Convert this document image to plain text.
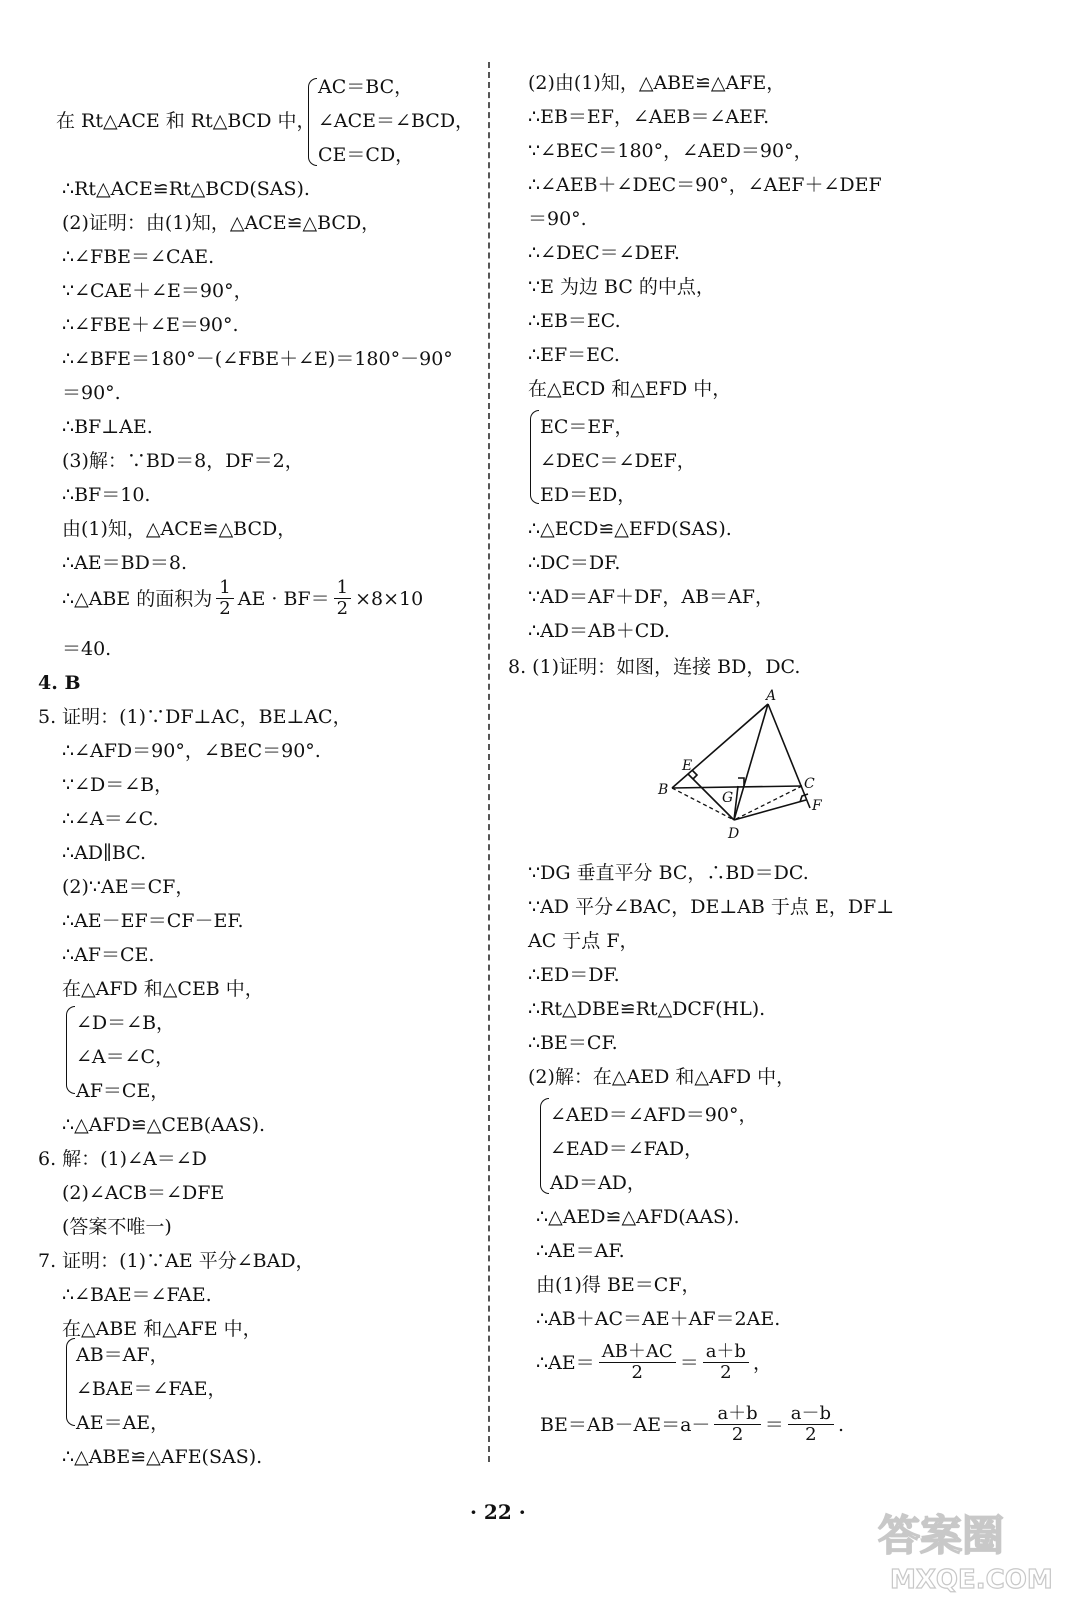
AC＝BC，
在 Rt△ACE 和 Rt△BCD 中， ∠ACE＝∠BCD，
CE＝CD，
∴Rt△ACE≌Rt△BCD(SAS).
(2)证明：由(1)知，△ACE≌△BCD，
∴∠FBE＝∠CAE.
∵∠CAE＋∠E＝90°，
∴∠FBE＋∠E＝90°.
∴∠BFE＝180°－(∠FBE＋∠E)＝180°－90°
＝90°.
∴BF⊥AE.
(3)解：∵BD＝8，DF＝2，
∴BF＝10.
由(1)知，△ACE≌△BCD，
∴AE＝BD＝8.
∴△ABE 的面积为 $\frac{1}{2}$ AE · $BF= \frac{1}{2} \times 8\times 10$
＝40.
4. B
5. 证明：(1)∵DF⊥AC，BE⊥AC，
∴∠AFD＝90°，∠BEC＝90°.
∵∠D＝∠B，
∴∠A＝∠C.
∴AD∥BC.
(2)∵AE＝CF，
∴AE－EF＝CF－EF.
∴AF＝CE.
在△AFD 和△CEB 中，
∠D＝∠B，
∠A＝∠C，
AF＝CE，
∴△AFD≌△CEB(AAS).
6. 解：(1)∠A＝∠D
(2)∠ACB＝∠DFE
(答案不唯一)
7. 证明：(1)∵AE 平分∠BAD，
∴∠BAE＝∠FAE.
在△ABE 和△AFE 中，
AB＝AF，
∠BAE＝∠FAE，
AE＝AE，
∴△ABE≌△AFE(SAS).
(2)由(1)知，△ABE≌△AFE，
∴EB＝EF，∠AEB＝∠AEF.
∵∠BEC＝180°，∠AED＝90°，
∴∠AEB＋∠DEC＝90°，∠AEF＋∠DEF
＝90°.
∴∠DEC＝∠DEF.
∵E 为边 BC 的中点，
∴EB＝EC.
∴EF＝EC.
在△ECD 和△EFD 中，
EC＝EF，
∠DEC＝∠DEF，
ED＝ED，
∴△ECD≌△EFD(SAS).
∴DC＝DF.
∵AD＝AF＋DF，AB＝AF，
∴AD＝AB＋CD.
8. (1)证明：如图，连接 BD，DC.
A
B	C
D
E
F
G
∵DG 垂直平分 BC，∴BD＝DC.
∵AD 平分∠BAC，DE⊥AB 于点 E，DF⊥
AC 于点 F，
∴ED＝DF.
∴Rt△DBE≌Rt△DCF(HL).
∴BE＝CF.
(2)解：在△AED 和△AFD 中，
∠AED＝∠AFD＝90°，
∠EAD＝∠FAD，
AD＝AD，
∴△AED≌△AFD(AAS).
∴AE＝AF.
由(1)得 BE＝CF，
∴AB＋AC＝AE＋AF＝2AE.
∴AE＝ $\frac{AB+AC}{2} = \frac{a+b}{2}$ ，
$BE=AB-AE=a- \frac{a+b}{2} = \frac{a-b}{2}$ .
· 22 ·	答案圈
MXQE.COM
